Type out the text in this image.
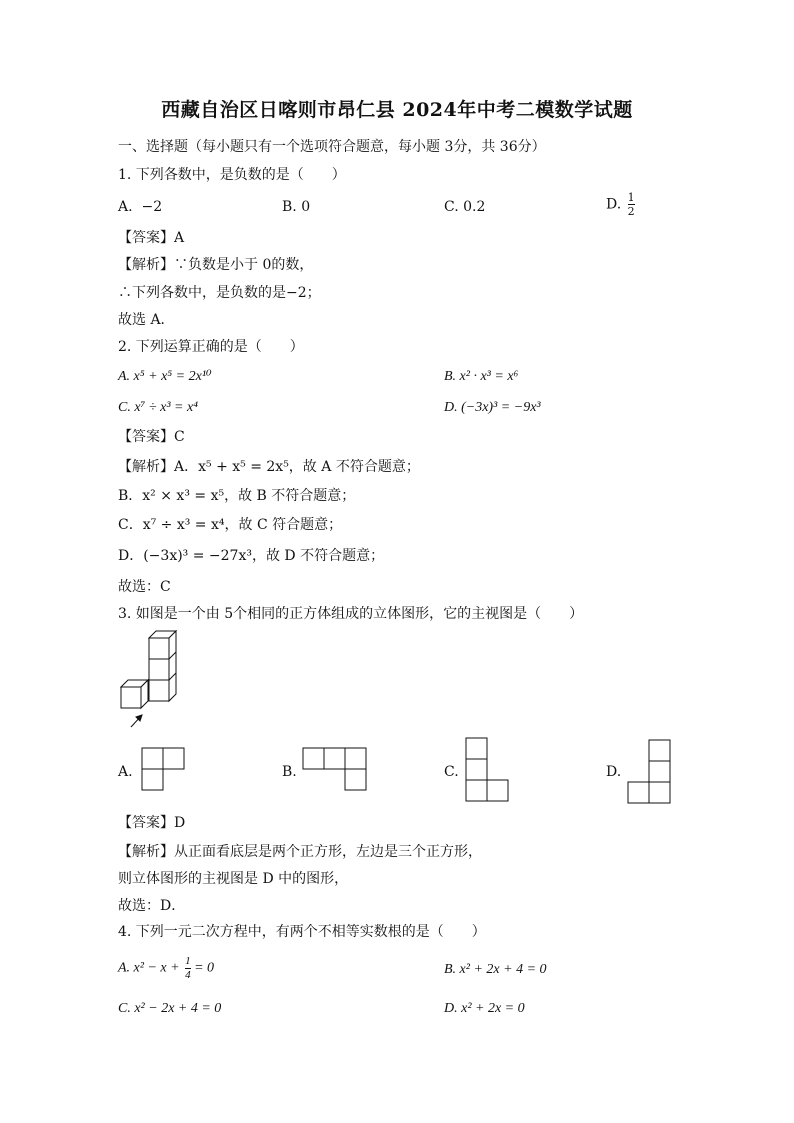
西藏自治区日喀则市昂仁县 2024年中考二模数学试题
一、选择题（每小题只有一个选项符合题意，每小题 3分，共 36分）
1. 下列各数中，是负数的是（　　）
A. −2	B. 0	C. 0.2	D. $\frac{1}{2}$
【答案】A
【解析】∵负数是小于 0的数，
∴下列各数中，是负数的是−2；
故选 A．
2. 下列运算正确的是（　　）
A. x⁵ + x⁵ = 2x¹⁰	B. x² · x³ = x⁶
C. x⁷ ÷ x³ = x⁴	D. (−3x)³ = −9x³
【答案】C
【解析】A．x⁵ + x⁵ = 2x⁵，故 A 不符合题意；
B．x² × x³ = x⁵，故 B 不符合题意；
C．x⁷ ÷ x³ = x⁴，故 C 符合题意；
D．(−3x)³ = −27x³，故 D 不符合题意；
故选：C
3. 如图是一个由 5个相同的正方体组成的立体图形，它的主视图是（　　）
A.	B.	C.	D.
【答案】D
【解析】从正面看底层是两个正方形，左边是三个正方形，
则立体图形的主视图是 D 中的图形，
故选：D．
4. 下列一元二次方程中，有两个不相等实数根的是（　　）
A. $x^2 - x + \frac{1}{4} = 0$	B. x² + 2x + 4 = 0
C. x² − 2x + 4 = 0	D. x² + 2x = 0
